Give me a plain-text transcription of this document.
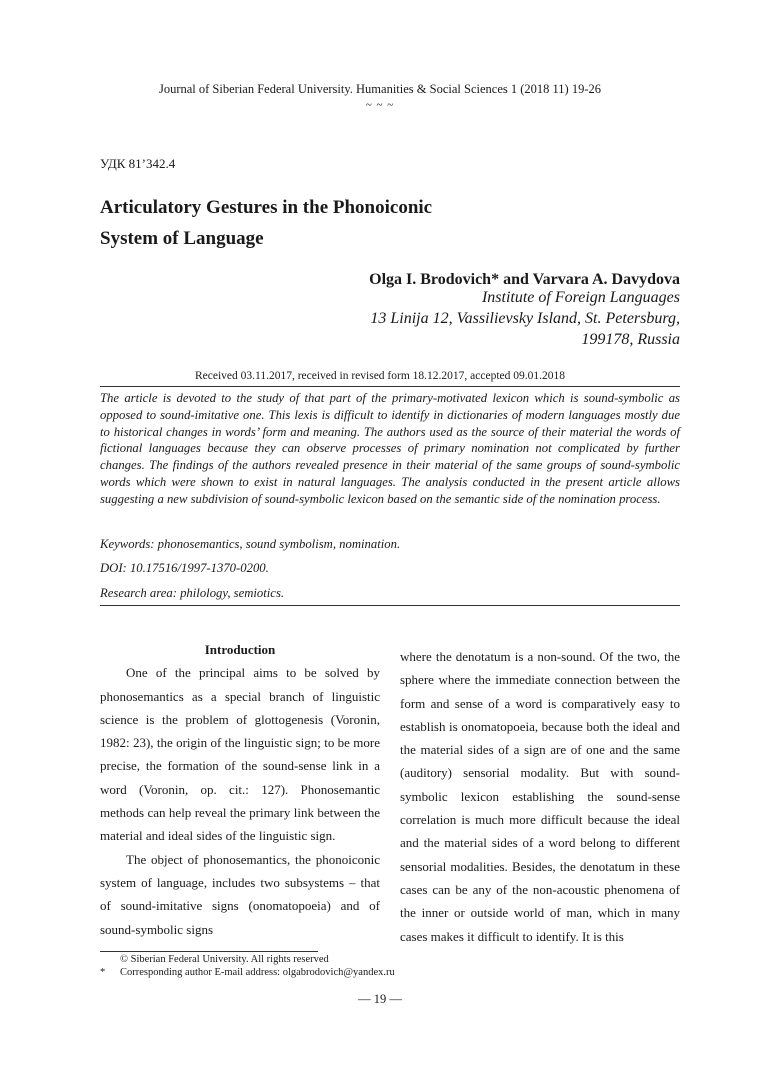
Journal of Siberian Federal University. Humanities & Social Sciences 1 (2018 11) 19-26
~ ~ ~
УДК 81’342.4
Articulatory Gestures in the Phonoiconic
System of Language
Olga I. Brodovich* and Varvara A. Davydova
Institute of Foreign Languages
13 Linija 12, Vassilievsky Island, St. Petersburg,
199178, Russia
Received 03.11.2017, received in revised form 18.12.2017, accepted 09.01.2018

The article is devoted to the study of that part of the primary-motivated lexicon which is sound-symbolic as opposed to sound-imitative one. This lexis is difficult to identify in dictionaries of modern languages mostly due to historical changes in words’ form and meaning. The authors used as the source of their material the words of fictional languages because they can observe processes of primary nomination not complicated by further changes. The findings of the authors revealed presence in their material of the same groups of sound-symbolic words which were shown to exist in natural languages. The analysis conducted in the present article allows suggesting a new subdivision of sound-symbolic lexicon based on the semantic side of the nomination process.

Keywords: phonosemantics, sound symbolism, nomination.
DOI: 10.17516/1997-1370-0200.
Research area: philology, semiotics.

Introduction

One of the principal aims to be solved by phonosemantics as a special branch of linguistic science is the problem of glottogenesis (Voronin, 1982: 23), the origin of the linguistic sign; to be more precise, the formation of the sound-sense link in a word (Voronin, op. cit.: 127). Phonosemantic methods can help reveal the primary link between the material and ideal sides of the linguistic sign.

The object of phonosemantics, the phonoiconic system of language, includes two subsystems – that of sound-imitative signs (onomatopoeia) and of sound-symbolic signs

where the denotatum is a non-sound. Of the two, the sphere where the immediate connection between the form and sense of a word is comparatively easy to establish is onomatopoeia, because both the ideal and the material sides of a sign are of one and the same (auditory) sensorial modality. But with sound-symbolic lexicon establishing the sound-sense correlation is much more difficult because the ideal and the material sides of a word belong to different sensorial modalities. Besides, the denotatum in these cases can be any of the non-acoustic phenomena of the inner or outside world of man, which in many cases makes it difficult to identify. It is this

© Siberian Federal University. All rights reserved
* Corresponding author E-mail address: olgabrodovich@yandex.ru
— 19 —
